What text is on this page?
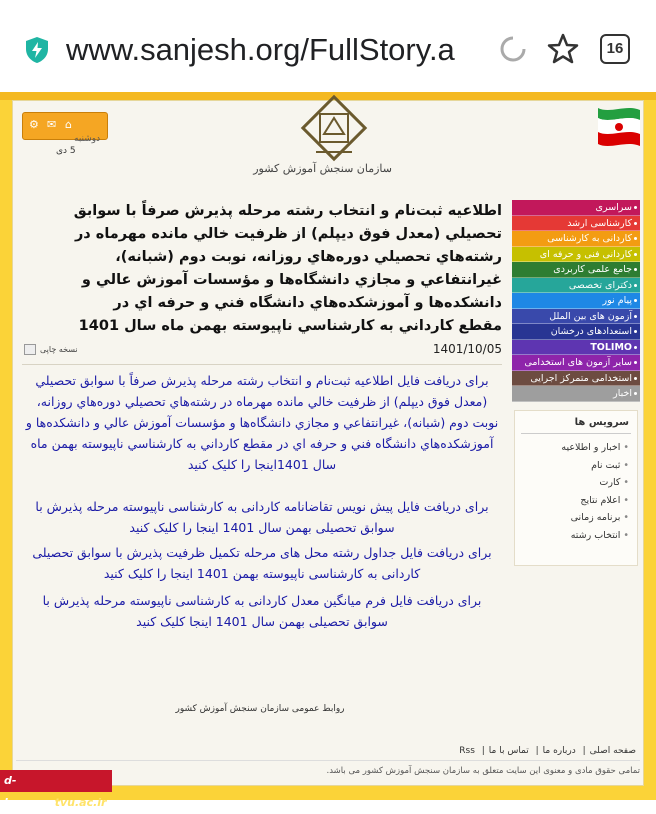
www.sanjesh.org/FullStory.a	16
⚙ ✉ ⌂
دوشنبه
5 دی
سازمان سنجش آموزش کشور
اطلاعیه ثبت‌نام و انتخاب رشته مرحله پذیرش صرفاً با سوابق تحصيلي (معدل فوق ديپلم) از ظرفيت خالي مانده مهرماه در رشته‌هاي تحصيلي دوره‌هاي روزانه، نوبت دوم (شبانه)، غيرانتفاعي و مجازي دانشگاه‌ها و مؤسسات آموزش عالي و دانشكده‌ها و آموزشكده‌هاي دانشگاه فني و حرفه اي در مقطع كارداني به كارشناسي ناپيوسته بهمن ماه سال 1401
نسخه چاپی	1401/10/05

برای دریافت فایل اطلاعیه ثبت‌نام و انتخاب رشته مرحله پذیرش صرفاً با سوابق تحصيلي (معدل فوق ديپلم) از ظرفيت خالي مانده مهرماه در رشته‌هاي تحصيلي دوره‌هاي روزانه، نوبت دوم (شبانه)، غيرانتفاعي و مجازي دانشگاه‌ها و مؤسسات آموزش عالي و دانشكده‌ها و آموزشكده‌هاي دانشگاه فني و حرفه اي در مقطع كارداني به كارشناسي ناپيوسته بهمن ماه سال 1401اينجا را کلیک کنید

برای دریافت فایل پیش نویس تقاضانامه کاردانی به کارشناسی ناپیوسته مرحله پذیرش با سوابق تحصیلی بهمن سال 1401 اینجا را کلیک کنید

برای دریافت فایل جداول رشته محل های مرحله تکمیل ظرفیت پذیرش با سوابق تحصیلی کاردانی به کارشناسی ناپیوسته بهمن 1401 اینجا را کلیک کنید

برای دریافت فایل فرم میانگین معدل کاردانی به کارشناسی ناپیوسته مرحله پذیرش با سوابق تحصیلی بهمن سال 1401 اینجا کلیک کنید

روابط عمومی سازمان سنجش آموزش کشور
سراسری
کارشناسی ارشد
کاردانی به کارشناسی
کاردانی فنی و حرفه ای
جامع علمی کاربردی
دکترای تخصصی
پیام نور
آزمون های بین الملل
استعدادهای درخشان
TOLIMO
سایر آزمون های استخدامی
استخدامی متمرکز اجرایی
اخبار
سرویس ها
• اخبار و اطلاعیه
• ثبت نام
• کارت
• اعلام نتایج
• برنامه زمانی
• انتخاب رشته
صفحه اصلی| درباره ما| تماس با ما| Rss
تمامی حقوق مادی و معنوی این سایت متعلق به سازمان سنجش آموزش کشور می باشد.
d-kerman.tvu.ac.ir
